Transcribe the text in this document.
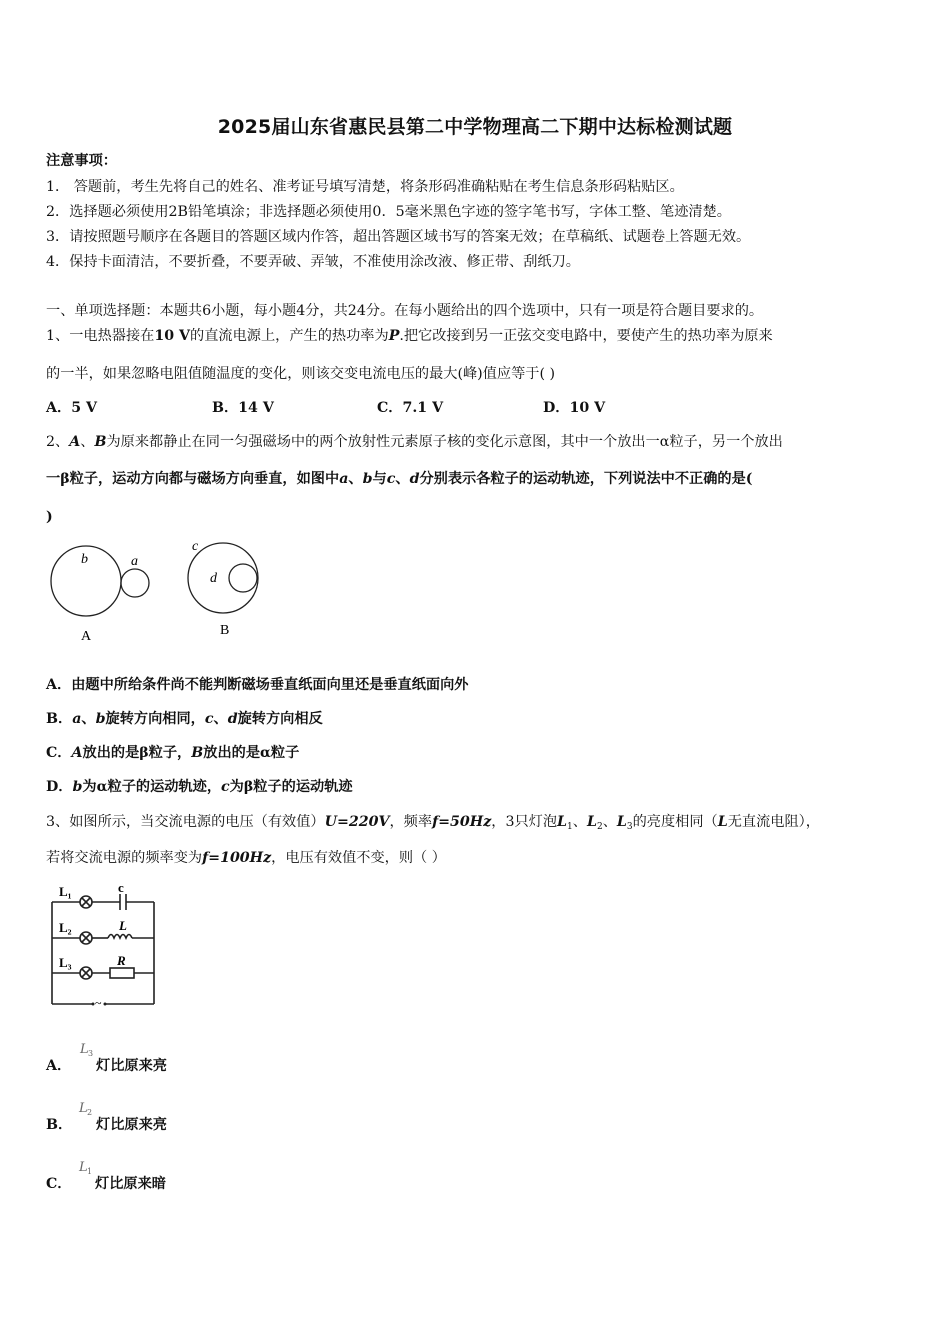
2025届山东省惠民县第二中学物理高二下期中达标检测试题
注意事项：
1． 答题前，考生先将自己的姓名、准考证号填写清楚，将条形码准确粘贴在考生信息条形码粘贴区。
2．选择题必须使用2B铅笔填涂；非选择题必须使用0．5毫米黑色字迹的签字笔书写，字体工整、笔迹清楚。
3．请按照题号顺序在各题目的答题区域内作答，超出答题区域书写的答案无效；在草稿纸、试题卷上答题无效。
4．保持卡面清洁，不要折叠，不要弄破、弄皱，不准使用涂改液、修正带、刮纸刀。
一、单项选择题：本题共6小题，每小题4分，共24分。在每小题给出的四个选项中，只有一项是符合题目要求的。
1、一电热器接在10 V的直流电源上，产生的热功率为P.把它改接到另一正弦交变电路中，要使产生的热功率为原来
的一半，如果忽略电阻值随温度的变化，则该交变电流电压的最大(峰)值应等于( )
A．5 V	B．14 V	C．7.1 V	D．10 V
2、A、B为原来都静止在同一匀强磁场中的两个放射性元素原子核的变化示意图，其中一个放出一α粒子，另一个放出
一β粒子，运动方向都与磁场方向垂直，如图中a、b与c、d分别表示各粒子的运动轨迹，下列说法中不正确的是(
)
b	a
c
d
A	B
A．由题中所给条件尚不能判断磁场垂直纸面向里还是垂直纸面向外
B．a、b旋转方向相同，c、d旋转方向相反
C．A放出的是β粒子，B放出的是α粒子
D．b为α粒子的运动轨迹，c为β粒子的运动轨迹
3、如图所示，当交流电源的电压（有效值）U=220V，频率f=50Hz，3只灯泡$L_1$、$L_2$、$L_3$的亮度相同（L无直流电阻），
若将交流电源的频率变为f=100Hz，电压有效值不变，则（ ）
L₁	c
L₂	L
L₃	R
~
A．
L 3
灯比原来亮
B．
L 2
灯比原来亮
C．
L 1
灯比原来暗
